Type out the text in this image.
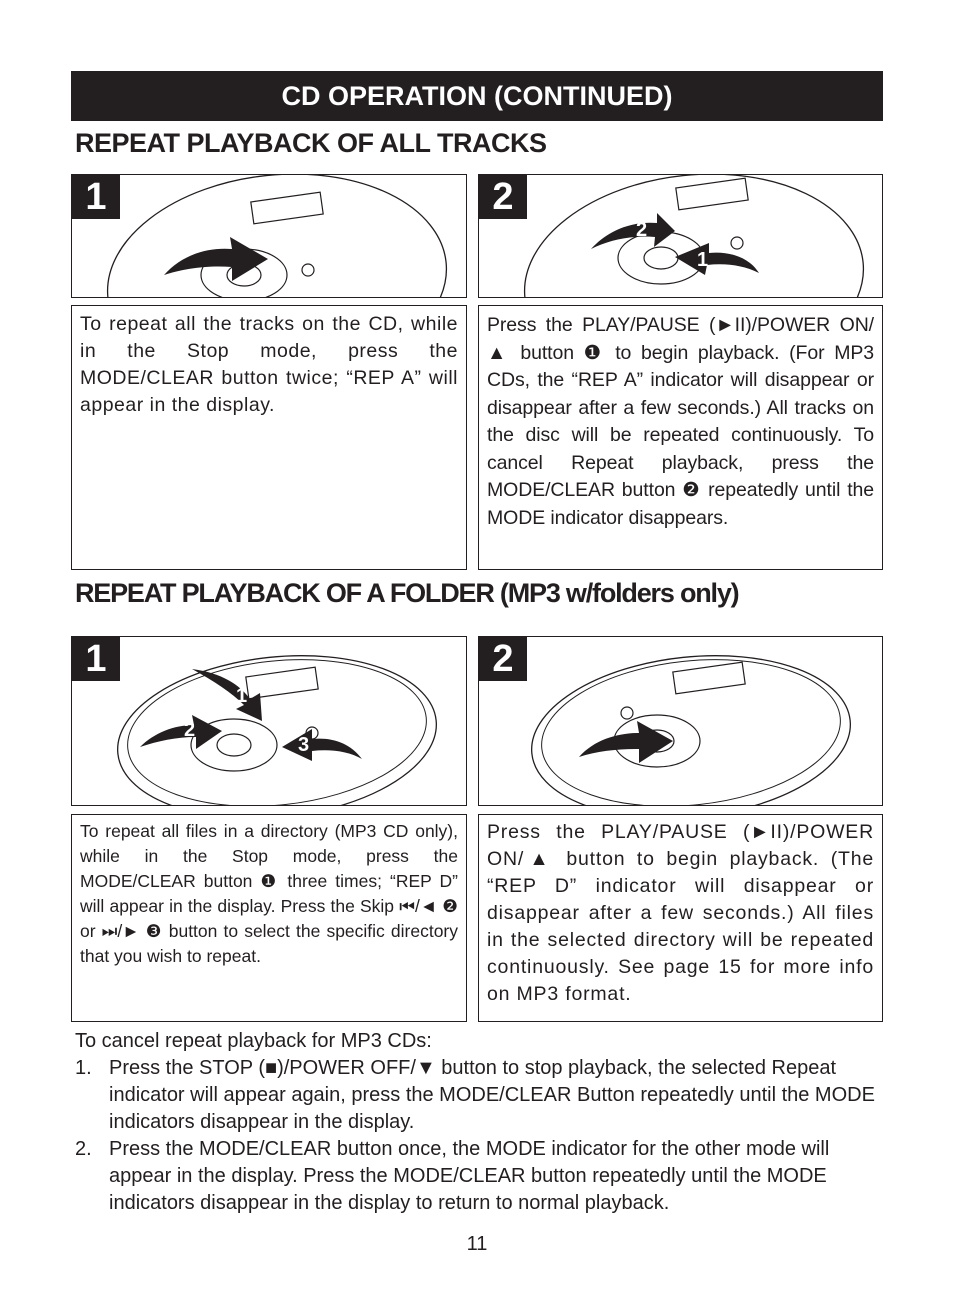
CD OPERATION (CONTINUED)
REPEAT PLAYBACK OF ALL TRACKS
1	2
2
1

To repeat all the tracks on the CD, while in the Stop mode, press the MODE/CLEAR button twice; “REP A” will appear in the display.

Press the PLAY/PAUSE (►II)/POWER ON/▲ button ❶ to begin playback. (For MP3 CDs, the “REP A” indicator will disappear or disappear after a few seconds.) All tracks on the disc will be repeated continuously. To cancel Repeat playback, press the MODE/CLEAR button ❷ repeatedly until the MODE indicator disappears.

REPEAT PLAYBACK OF A FOLDER (MP3 w/folders only)
1
1
2
3
2

To repeat all files in a directory (MP3 CD only), while in the Stop mode, press the MODE/CLEAR button ❶ three times; “REP D” will appear in the display. Press the Skip ⏮/◄ ❷ or ⏭/► ❸ button to select the specific directory that you wish to repeat.

Press the PLAY/PAUSE (►II)/POWER ON/▲ button to begin playback. (The “REP D” indicator will disappear or disappear after a few seconds.) All files in the selected directory will be repeated continuously. See page 15 for more info on MP3 format.

To cancel repeat playback for MP3 CDs:

1. Press the STOP (■)/POWER OFF/▼ button to stop playback, the selected Repeat indicator will appear again, press the MODE/CLEAR Button repeatedly until the MODE indicators disappear in the display.
2. Press the MODE/CLEAR button once, the MODE indicator for the other mode will appear in the display. Press the MODE/CLEAR button repeatedly until the MODE indicators disappear in the display to return to normal playback.
11
